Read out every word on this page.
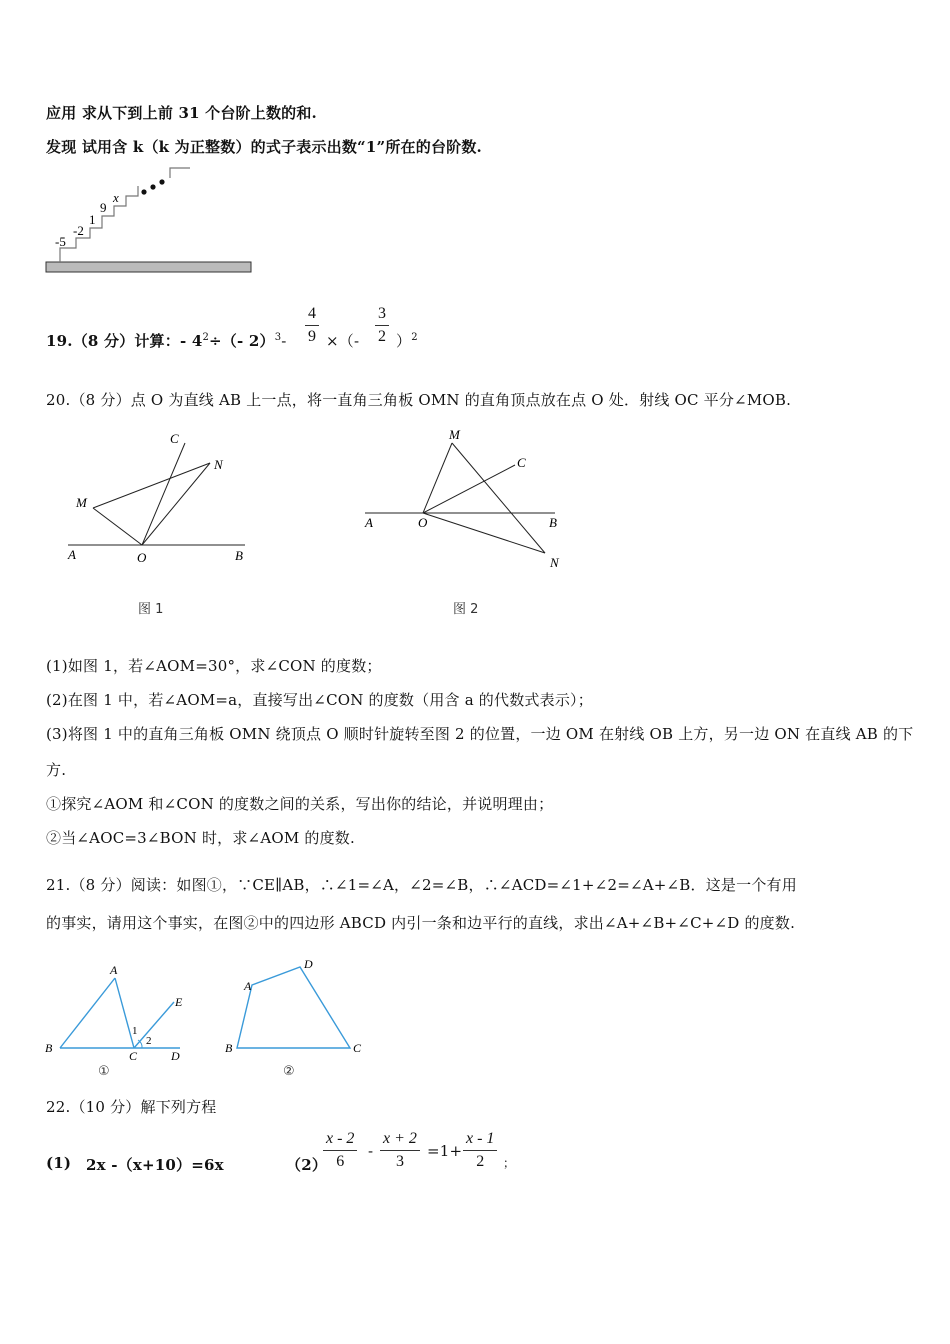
应用 求从下到上前 31 个台阶上数的和.
发现 试用含 k（k 为正整数）的式子表示出数“1”所在的台阶数.
-5
-2
1
9
x
19.（8 分）计算：- $4^2\div(-$ $2)^3- \frac{4}{9}$ ×（- $\frac{3}{2} )^2$
20.（8 分）点 O 为直线 AB 上一点，将一直角三角板 OMN 的直角顶点放在点 O 处．射线 OC 平分∠MOB.
C
N
M
A	O	B
图 1
M
C
A	O	B
N
图 2
(1)如图 1，若∠AOM=30°，求∠CON 的度数；
(2)在图 1 中，若∠AOM=a，直接写出∠CON 的度数（用含 a 的代数式表示）；
(3)将图 1 中的直角三角板 OMN 绕顶点 O 顺时针旋转至图 2 的位置，一边 OM 在射线 OB 上方，另一边 ON 在直线 AB 的下
方.
①探究∠AOM 和∠CON 的度数之间的关系，写出你的结论，并说明理由；
②当∠AOC=3∠BON 时，求∠AOM 的度数.
21.（8 分）阅读：如图①，∵CE∥AB，∴∠1=∠A，∠2=∠B，∴∠ACD=∠1+∠2=∠A+∠B．这是一个有用
的事实，请用这个事实，在图②中的四边形 ABCD 内引一条和边平行的直线，求出∠A+∠B+∠C+∠D 的度数.
A
E
1
2
B
C	D
①
D
A
B	C
②
22.（10 分）解下列方程
(1) 2x -（x+10）=6x	（2）
$\frac{x - 2}{6} - \frac{x + 2}{3} =1+ \frac{x - 1}{2}$ ；
